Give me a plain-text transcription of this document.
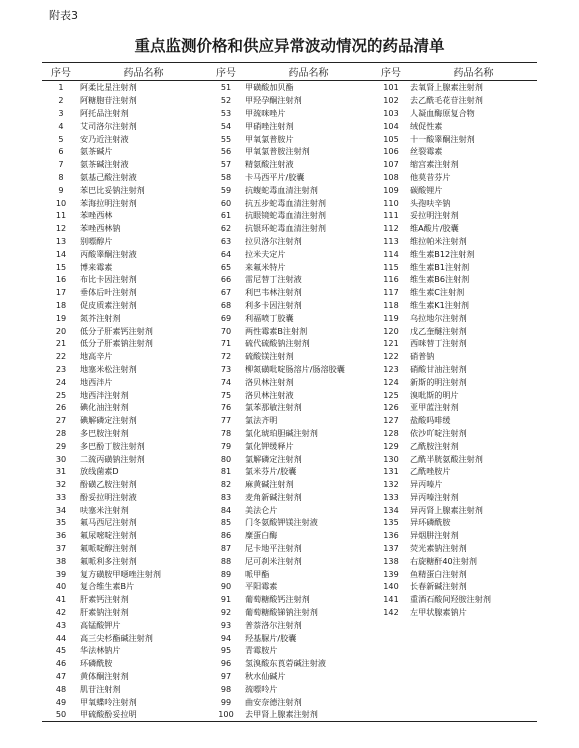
附表3
重点监测价格和供应异常波动情况的药品清单
序号	药品名称	序号	药品名称	序号	药品名称
1	阿柔比星注射剂	51	甲磺酸加贝酯	101	去氧肾上腺素注射剂
2	阿糖胞苷注射剂	52	甲羟孕酮注射剂	102	去乙酰毛花苷注射剂
3	阿托品注射剂	53	甲巯咪唑片	103	人凝血酶原复合物
4	艾司洛尔注射剂	54	甲硝唑注射剂	104	绒促性素
5	安乃近注射液	55	甲氧氯普胺片	105	十一酸睾酮注射剂
6	氨茶碱片	56	甲氧氯普胺注射剂	106	丝裂霉素
7	氨茶碱注射液	57	精氨酸注射液	107	缩宫素注射剂
8	氨基己酸注射液	58	卡马西平片/胶囊	108	他莫昔芬片
9	苯巴比妥钠注射剂	59	抗蝮蛇毒血清注射剂	109	碳酸锂片
10	苯海拉明注射剂	60	抗五步蛇毒血清注射剂	110	头孢呋辛钠
11	苯唑西林	61	抗眼镜蛇毒血清注射剂	111	妥拉明注射剂
12	苯唑西林钠	62	抗银环蛇毒血清注射剂	112	维A酸片/胶囊
13	别嘌醇片	63	拉贝洛尔注射剂	113	维拉帕米注射剂
14	丙酸睾酮注射液	64	拉米夫定片	114	维生素B12注射剂
15	博来霉素	65	来氟米特片	115	维生素B1注射剂
16	布比卡因注射剂	66	雷尼替丁注射液	116	维生素B6注射剂
17	垂体后叶注射剂	67	利巴韦林注射剂	117	维生素C注射剂
18	促皮质素注射剂	68	利多卡因注射剂	118	维生素K1注射剂
19	氮芥注射剂	69	利福喷丁胶囊	119	乌拉地尔注射剂
20	低分子肝素钙注射剂	70	两性霉素B注射剂	120	戊乙奎醚注射剂
21	低分子肝素钠注射剂	71	硫代硫酸钠注射剂	121	西咪替丁注射剂
22	地高辛片	72	硫酸镁注射剂	122	硝普钠
23	地塞米松注射剂	73	柳氮磺吡啶肠溶片/肠溶胶囊	123	硝酸甘油注射剂
24	地西泮片	74	洛贝林注射剂	124	新斯的明注射剂
25	地西泮注射剂	75	洛贝林注射液	125	溴吡斯的明片
26	碘化油注射剂	76	氯苯那敏注射剂	126	亚甲蓝注射剂
27	碘解磷定注射剂	77	氯法齐明	127	盐酸吗啡缓
28	多巴胺注射剂	78	氯化琥珀胆碱注射剂	128	依沙吖啶注射剂
29	多巴酚丁胺注射剂	79	氯化钾缓释片	129	乙酰胺注射剂
30	二巯丙磺钠注射剂	80	氯解磷定注射剂	130	乙酰半胱氨酸注射剂
31	放线菌素D	81	氯米芬片/胶囊	131	乙酰唑胺片
32	酚磺乙胺注射剂	82	麻黄碱注射剂	132	异丙嗪片
33	酚妥拉明注射液	83	麦角新碱注射剂	133	异丙嗪注射剂
34	呋塞米注射剂	84	美法仑片	134	异丙肾上腺素注射剂
35	氟马西尼注射剂	85	门冬氨酸钾镁注射液	135	异环磷酰胺
36	氟尿嘧啶注射剂	86	糜蛋白酶	136	异烟肼注射剂
37	氟哌啶醇注射剂	87	尼卡地平注射剂	137	荧光素钠注射剂
38	氟哌利多注射剂	88	尼可刹米注射剂	138	右旋糖酐40注射剂
39	复方磺胺甲噁唑注射剂	89	哌甲酯	139	鱼精蛋白注射剂
40	复合维生素B片	90	平阳霉素	140	长春新碱注射剂
41	肝素钙注射剂	91	葡萄糖酸钙注射剂	141	重酒石酸间羟胺注射剂
42	肝素钠注射剂	92	葡萄糖酸锑钠注射剂	142	左甲状腺素钠片
43	高锰酸钾片	93	普萘洛尔注射剂		
44	高三尖杉酯碱注射剂	94	羟基脲片/胶囊		
45	华法林钠片	95	青霉胺片		
46	环磷酰胺	96	氢溴酸东莨菪碱注射液		
47	黄体酮注射剂	97	秋水仙碱片		
48	肌苷注射剂	98	巯嘌呤片		
49	甲氧蝶呤注射剂	99	曲安奈德注射剂		
50	甲硫酸酚妥拉明	100	去甲肾上腺素注射剂		
